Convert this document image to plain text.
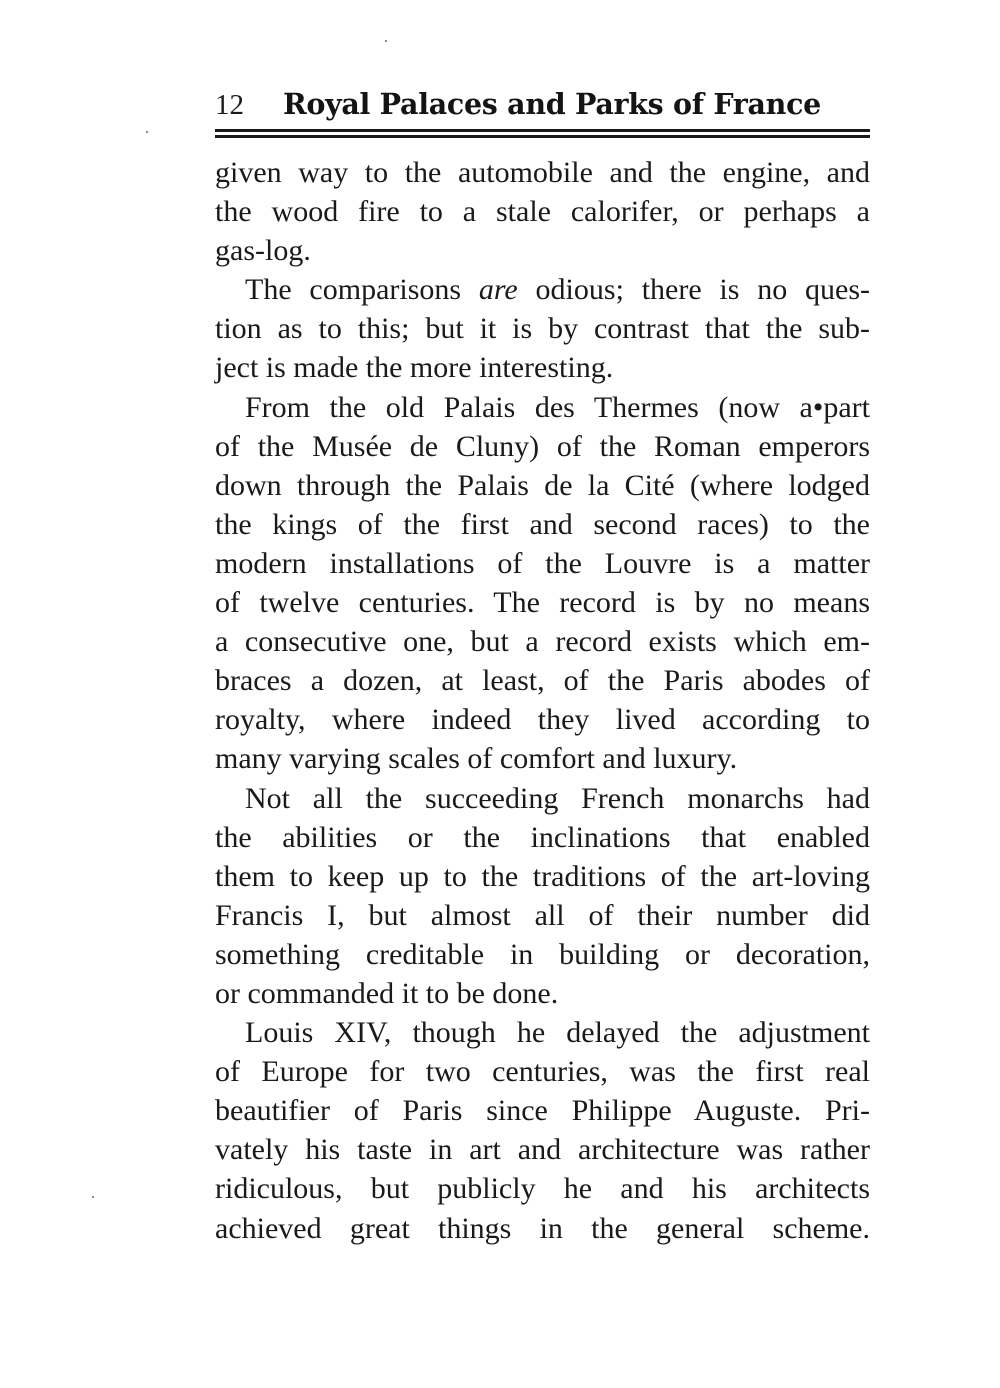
12 Royal Palaces and Parks of France

given way to the automobile and the engine, and
the wood fire to a stale calorifer, or perhaps a
gas-log.

The comparisons are odious; there is no ques-
tion as to this; but it is by contrast that the sub-
ject is made the more interesting.

From the old Palais des Thermes (now a•part
of the Musée de Cluny) of the Roman emperors
down through the Palais de la Cité (where lodged
the kings of the first and second races) to the
modern installations of the Louvre is a matter
of twelve centuries. The record is by no means
a consecutive one, but a record exists which em-
braces a dozen, at least, of the Paris abodes of
royalty, where indeed they lived according to
many varying scales of comfort and luxury.

Not all the succeeding French monarchs had
the abilities or the inclinations that enabled
them to keep up to the traditions of the art-loving
Francis I, but almost all of their number did
something creditable in building or decoration,
or commanded it to be done.

Louis XIV, though he delayed the adjustment
of Europe for two centuries, was the first real
beautifier of Paris since Philippe Auguste. Pri-
vately his taste in art and architecture was rather
ridiculous, but publicly he and his architects
achieved great things in the general scheme.
